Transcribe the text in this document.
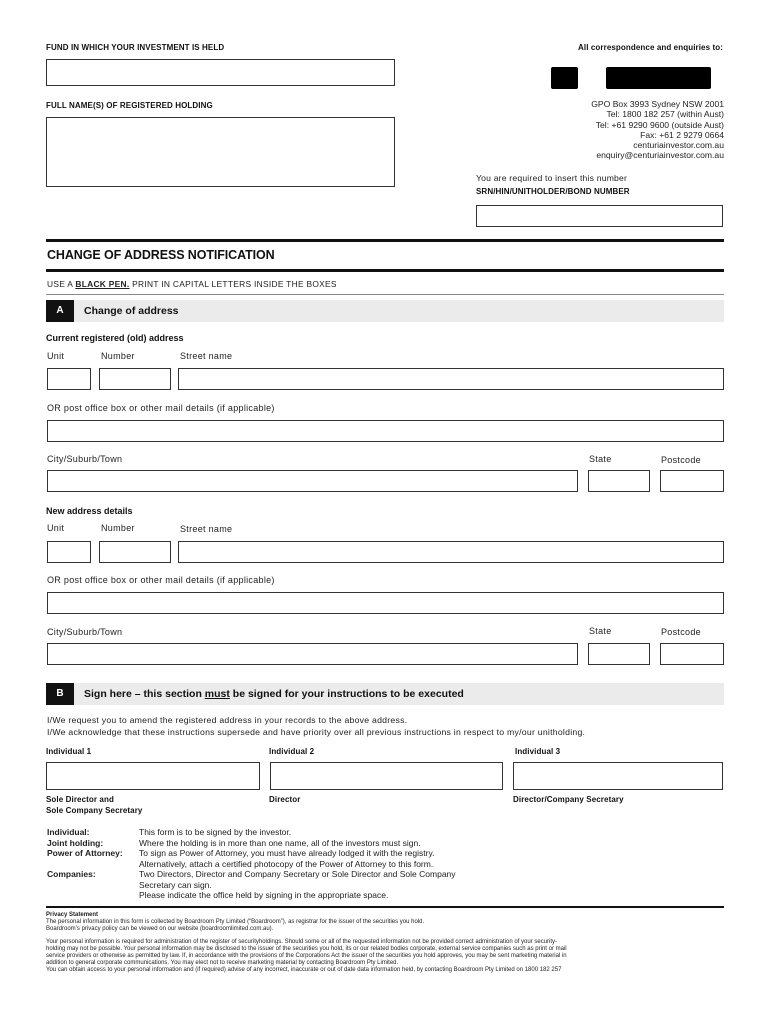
FUND IN WHICH YOUR INVESTMENT IS HELD
FULL NAME(S) OF REGISTERED HOLDING
All correspondence and enquiries to:
GPO Box 3993 Sydney NSW 2001
Tel: 1800 182 257 (within Aust)
Tel: +61 9290 9600 (outside Aust)
Fax: +61 2 9279 0664
centuriainvestor.com.au
enquiry@centuriainvestor.com.au
You are required to insert this number
SRN/HIN/UNITHOLDER/BOND NUMBER
CHANGE OF ADDRESS NOTIFICATION
USE A BLACK PEN. PRINT IN CAPITAL LETTERS INSIDE THE BOXES
A	Change of address
Current registered (old) address
Unit	Number	Street name
OR post office box or other mail details (if applicable)
City/Suburb/Town	State	Postcode
New address details
Unit	Number	Street name
OR post office box or other mail details (if applicable)
City/Suburb/Town	State	Postcode
B	Sign here – this section must be signed for your instructions to be executed
I/We request you to amend the registered address in your records to the above address.
I/We acknowledge that these instructions supersede and have priority over all previous instructions in respect to my/our unitholding.
Individual 1	Individual 2	Individual 3
Sole Director and
Sole Company Secretary
Director	Director/Company Secretary
Individual:	This form is to be signed by the investor.
Joint holding:	Where the holding is in more than one name, all of the investors must sign.
Power of Attorney:	To sign as Power of Attorney, you must have already lodged it with the registry.
Alternatively, attach a certified photocopy of the Power of Attorney to this form.
Companies:	Two Directors, Director and Company Secretary or Sole Director and Sole Company
Secretary can sign.
Please indicate the office held by signing in the appropriate space.
Privacy Statement
The personal information in this form is collected by Boardroom Pty Limited (“Boardroom”), as registrar for the issuer of the securities you hold.
Boardroom’s privacy policy can be viewed on our website (boardroomlimited.com.au).
Your personal information is required for administration of the register of securityholdings. Should some or all of the requested information not be provided correct administration of your security-
holding may not be possible. Your personal information may be disclosed to the issuer of the securities you hold, its or our related bodies corporate, external service companies such as print or mail
service providers or otherwise as permitted by law. If, in accordance with the provisions of the Corporations Act the issuer of the securities you hold approves, you may be sent marketing material in
addition to general corporate communications. You may elect not to receive marketing material by contacting Boardroom Pty Limited.
You can obtain access to your personal information and (if required) advise of any incorrect, inaccurate or out of date data information held, by contacting Boardroom Pty Limited on 1800 182 257
